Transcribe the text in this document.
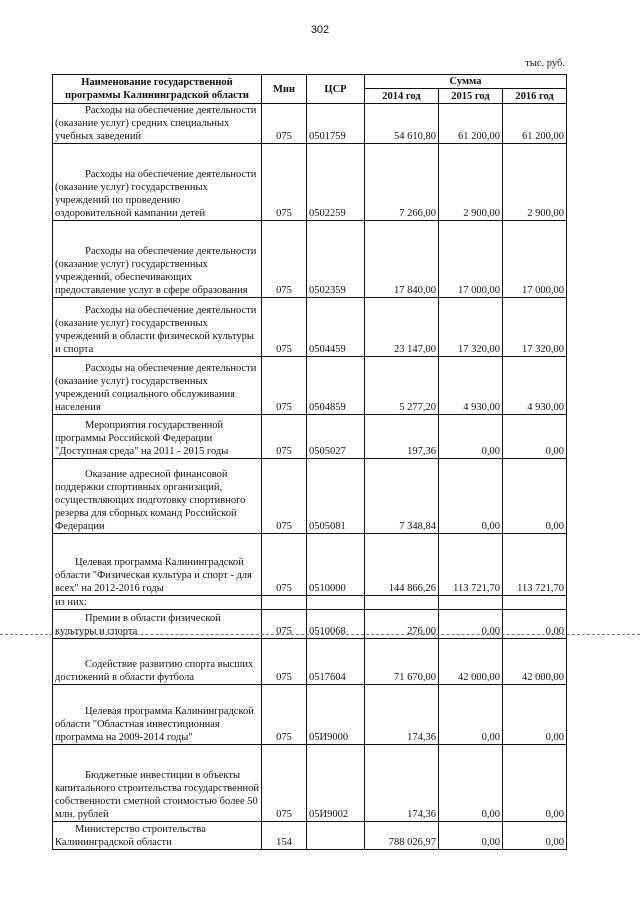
302
тыс. руб.
Наименование государственной программы Калининградской области	Мин	ЦСР	Сумма		
			2014 год	2015 год	2016 год
Расходы на обеспечение деятельности (оказание услуг) средних специальных учебных заведений	075	0501759	54 610,80	61 200,00	61 200,00
Расходы на обеспечение деятельности (оказание услуг) государственных учреждений по проведению оздоровительной кампании детей	075	0502259	7 266,00	2 900,00	2 900,00
Расходы на обеспечение деятельности (оказание услуг) государственных учреждений, обеспечивающих предоставление услуг в сфере образования	075	0502359	17 840,00	17 000,00	17 000,00
Расходы на обеспечение деятельности (оказание услуг) государственных учреждений в области физической культуры и спорта	075	0504459	23 147,00	17 320,00	17 320,00
Расходы на обеспечение деятельности (оказание услуг) государственных учреждений социального обслуживания населения	075	0504859	5 277,20	4 930,00	4 930,00
Мероприятия государственной программы Российской Федерации "Доступная среда" на 2011 - 2015 годы	075	0505027	197,36	0,00	0,00
Оказание адресной финансовой поддержки спортивных организаций, осуществляющих подготовку спортивного резерва для сборных команд Российской Федерации	075	0505081	7 348,84	0,00	0,00
Целевая программа Калининградской области "Физическая культура и спорт - для всех" на 2012-2016 годы	075	0510000	144 866,26	113 721,70	113 721,70
из них:					
Премии в области физической культуры и спорта	075	0510068	276,00	0,00	0,00
Содействие развитию спорта высших достижений в области футбола	075	0517604	71 670,00	42 000,00	42 000,00
Целевая программа Калининградской области "Областная инвестиционная программа на 2009-2014 годы"	075	05И9000	174,36	0,00	0,00
Бюджетные инвестиции в объекты капитального строительства государственной собственности сметной стоимостью более 50 млн. рублей	075	05И9002	174,36	0,00	0,00
Министерство строительства Калининградской области	154		788 026,97	0,00	0,00
